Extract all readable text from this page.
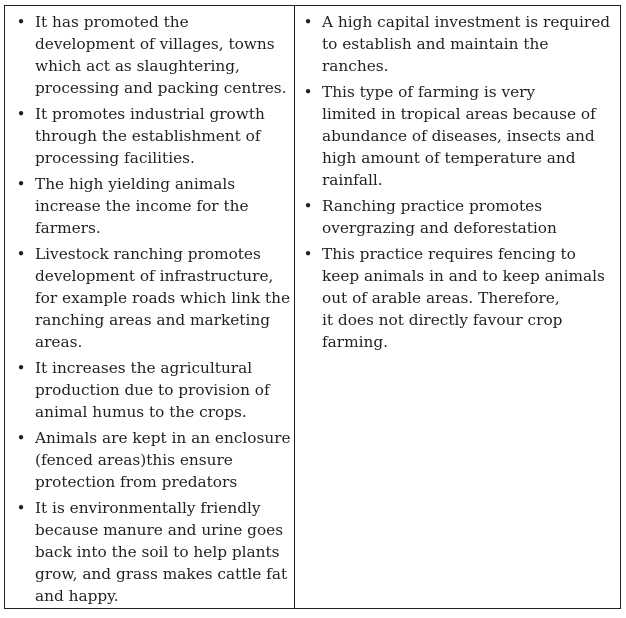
• It has promoted the
development of villages, towns
which act as slaughtering,
processing and packing centres.
• It promotes industrial growth
through the establishment of
processing facilities.
• The high yielding animals
increase the income for the
farmers.
• Livestock ranching promotes
development of infrastructure,
for example roads which link the
ranching areas and marketing
areas.
• It increases the agricultural
production due to provision of
animal humus to the crops.
• Animals are kept in an enclosure
(fenced areas)this ensure
protection from predators
• It is environmentally friendly
because manure and urine goes
back into the soil to help plants
grow, and grass makes cattle fat
and happy.
• A high capital investment is required
to establish and maintain the
ranches.
• This type of farming is very
limited in tropical areas because of
abundance of diseases, insects and
high amount of temperature and
rainfall.
• Ranching practice promotes
overgrazing and deforestation
• This practice requires fencing to
keep animals in and to keep animals
out of arable areas. Therefore,
it does not directly favour crop
farming.
